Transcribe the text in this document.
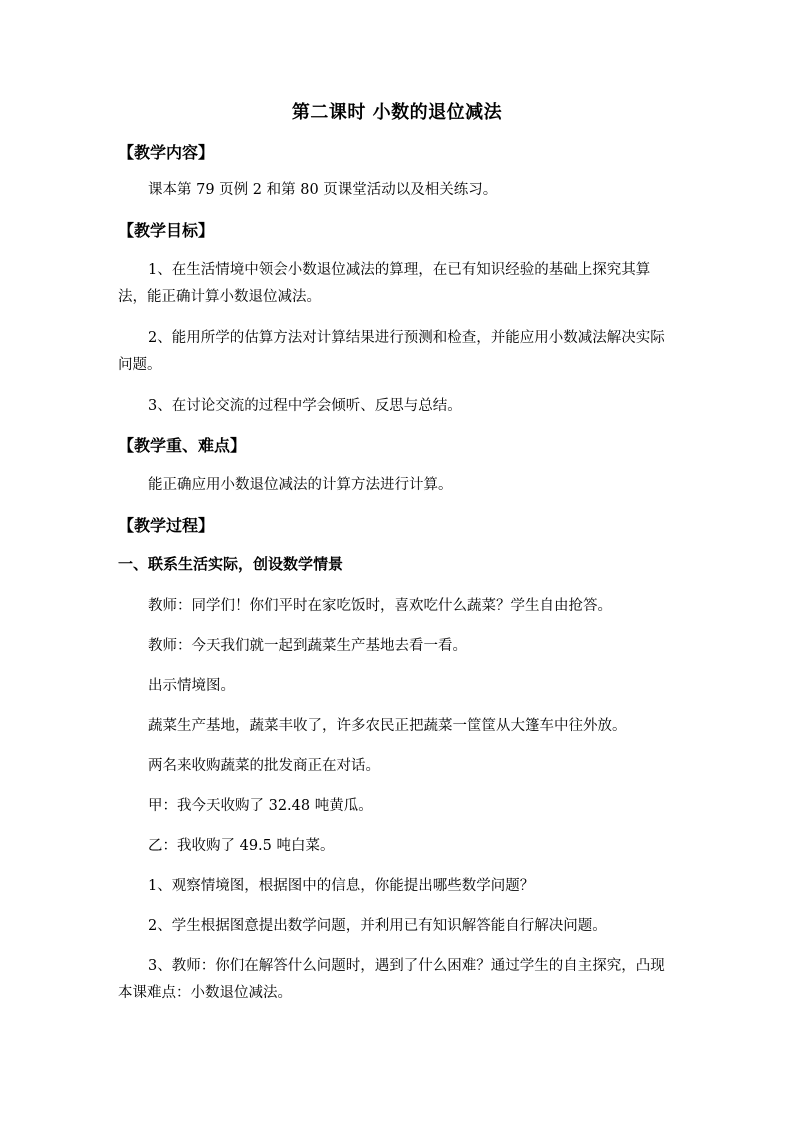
第二课时 小数的退位减法
【教学内容】

课本第 79 页例 2 和第 80 页课堂活动以及相关练习。

【教学目标】

1、在生活情境中领会小数退位减法的算理，在已有知识经验的基础上探究其算法，能正确计算小数退位减法。

2、能用所学的估算方法对计算结果进行预测和检查，并能应用小数减法解决实际问题。

3、在讨论交流的过程中学会倾听、反思与总结。

【教学重、难点】

能正确应用小数退位减法的计算方法进行计算。

【教学过程】
一、联系生活实际，创设数学情景

教师：同学们！你们平时在家吃饭时，喜欢吃什么蔬菜？学生自由抢答。

教师：今天我们就一起到蔬菜生产基地去看一看。

出示情境图。

蔬菜生产基地，蔬菜丰收了，许多农民正把蔬菜一筐筐从大篷车中往外放。

两名来收购蔬菜的批发商正在对话。

甲：我今天收购了 32.48 吨黄瓜。

乙：我收购了 49.5 吨白菜。

1、观察情境图，根据图中的信息，你能提出哪些数学问题？

2、学生根据图意提出数学问题，并利用已有知识解答能自行解决问题。

3、教师：你们在解答什么问题时，遇到了什么困难？通过学生的自主探究，凸现本课难点：小数退位减法。
